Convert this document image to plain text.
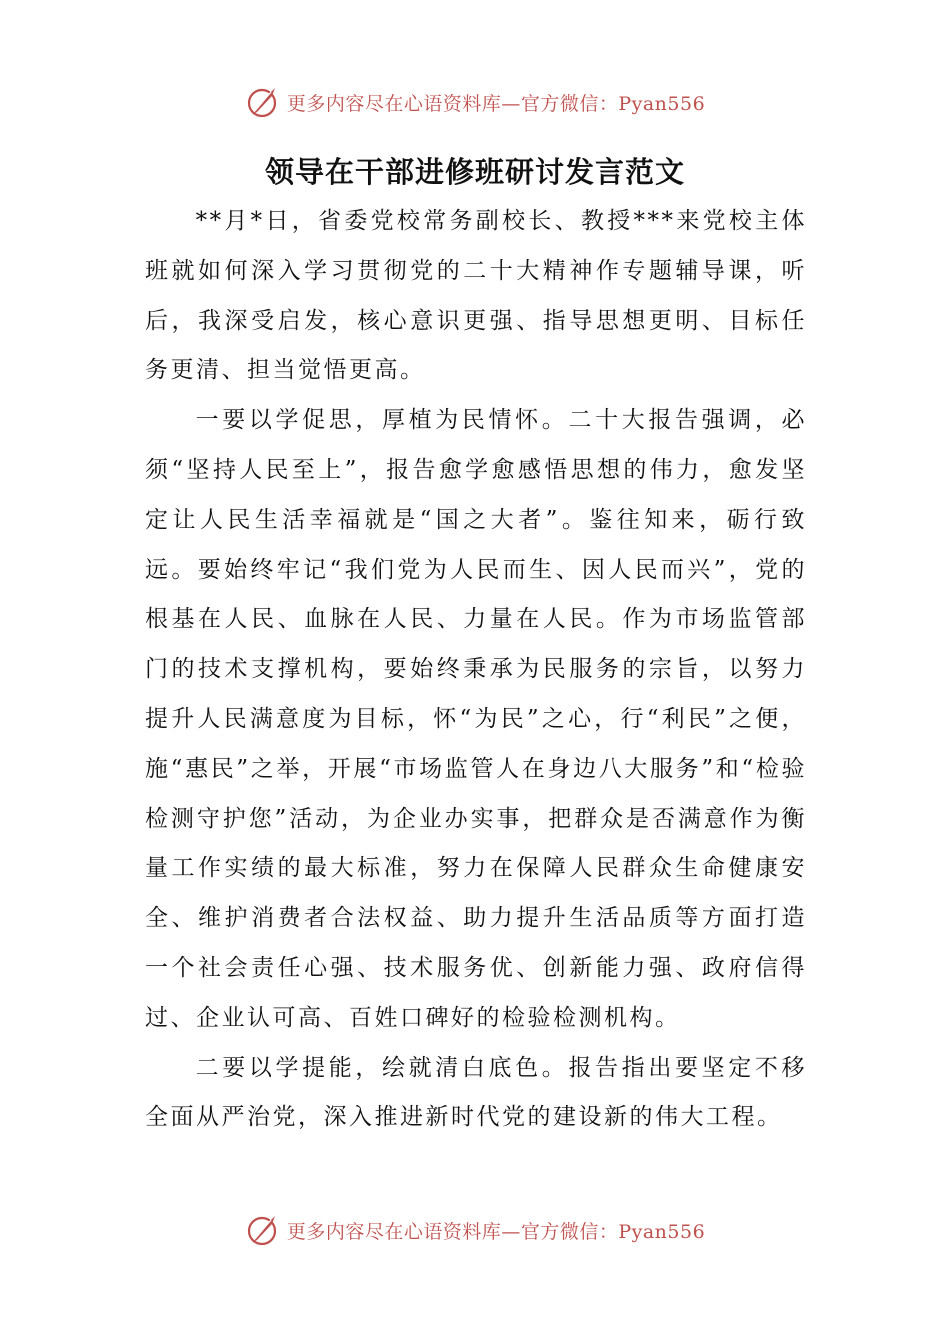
更多内容尽在心语资料库—官方微信：Pyan556
领导在干部进修班研讨发言范文

**月*日，省委党校常务副校长、教授***来党校主体班就如何深入学习贯彻党的二十大精神作专题辅导课，听后，我深受启发，核心意识更强、指导思想更明、目标任务更清、担当觉悟更高。

一要以学促思，厚植为民情怀。二十大报告强调，必须“坚持人民至上”，报告愈学愈感悟思想的伟力，愈发坚定让人民生活幸福就是“国之大者”。鉴往知来，砺行致远。要始终牢记“我们党为人民而生、因人民而兴”，党的根基在人民、血脉在人民、力量在人民。作为市场监管部门的技术支撑机构，要始终秉承为民服务的宗旨，以努力提升人民满意度为目标，怀“为民”之心，行“利民”之便，施“惠民”之举，开展“市场监管人在身边八大服务”和“检验检测守护您”活动，为企业办实事，把群众是否满意作为衡量工作实绩的最大标准，努力在保障人民群众生命健康安全、维护消费者合法权益、助力提升生活品质等方面打造一个社会责任心强、技术服务优、创新能力强、政府信得过、企业认可高、百姓口碑好的检验检测机构。

二要以学提能，绘就清白底色。报告指出要坚定不移全面从严治党，深入推进新时代党的建设新的伟大工程。

更多内容尽在心语资料库—官方微信：Pyan556
